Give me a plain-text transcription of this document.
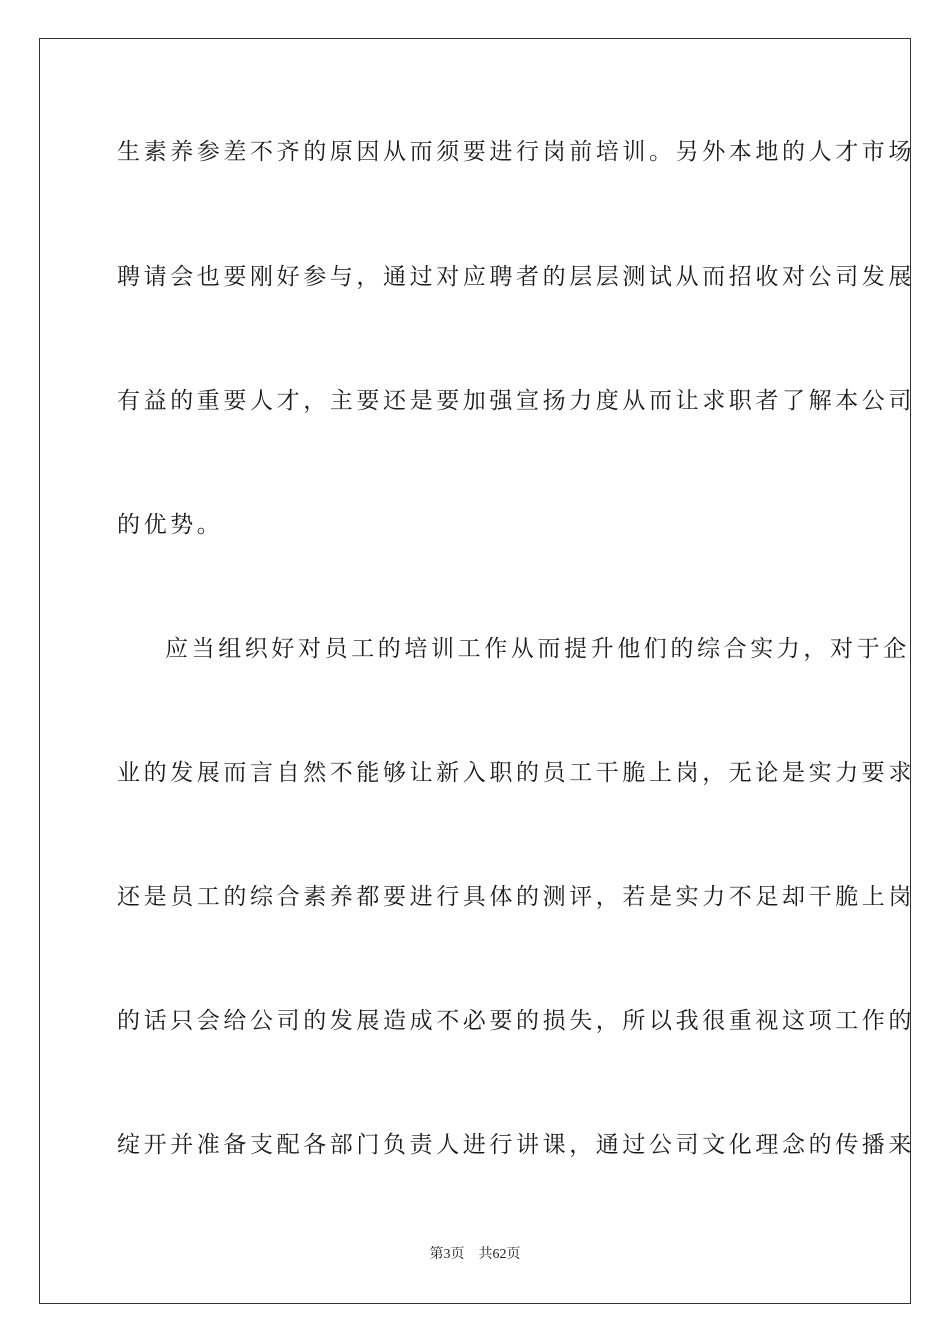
生素养参差不齐的原因从而须要进行岗前培训。另外本地的人才市场
聘请会也要刚好参与，通过对应聘者的层层测试从而招收对公司发展
有益的重要人才，主要还是要加强宣扬力度从而让求职者了解本公司
的优势。
应当组织好对员工的培训工作从而提升他们的综合实力，对于企
业的发展而言自然不能够让新入职的员工干脆上岗，无论是实力要求
还是员工的综合素养都要进行具体的测评，若是实力不足却干脆上岗
的话只会给公司的发展造成不必要的损失，所以我很重视这项工作的
绽开并准备支配各部门负责人进行讲课，通过公司文化理念的传播来
第3页 共62页
